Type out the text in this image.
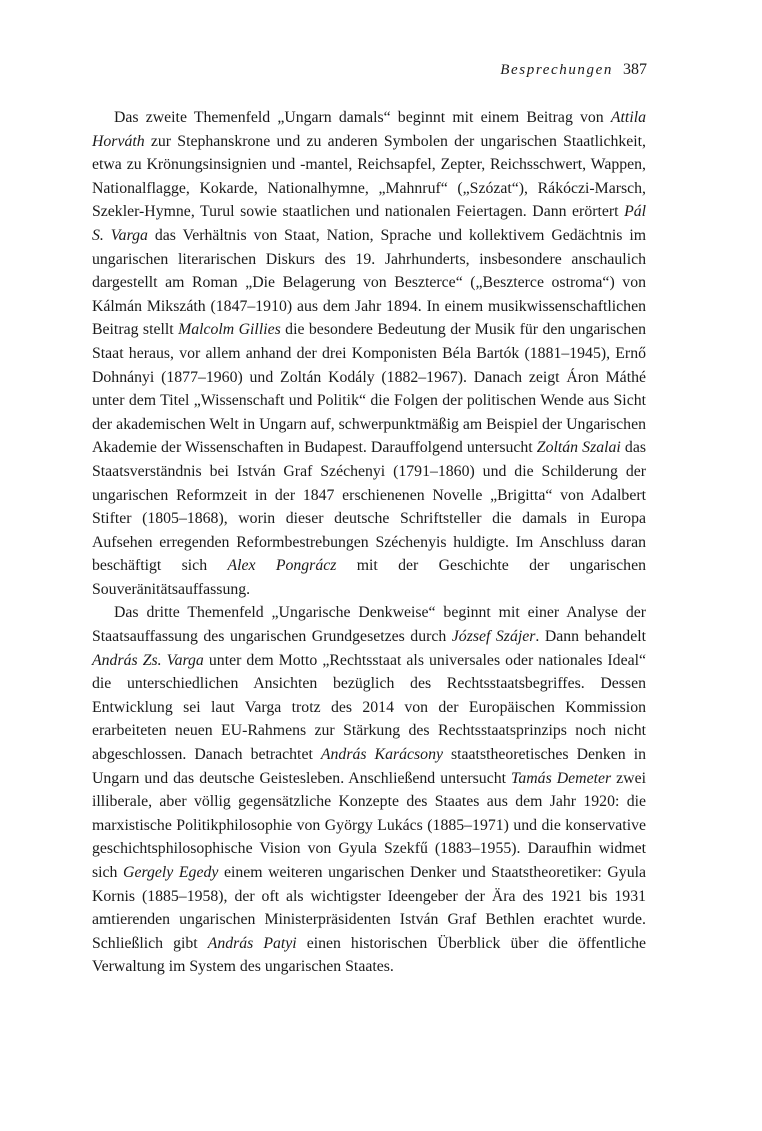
Besprechungen 387

Das zweite Themenfeld „Ungarn damals“ beginnt mit einem Beitrag von Attila Horváth zur Stephanskrone und zu anderen Symbolen der ungarischen Staatlichkeit, etwa zu Krönungsinsignien und -mantel, Reichsapfel, Zepter, Reichsschwert, Wappen, Nationalflagge, Kokarde, Nationalhymne, „Mahnruf“ („Szózat“), Rákóczi-Marsch, Szekler-Hymne, Turul sowie staatlichen und nationalen Feiertagen. Dann erörtert Pál S. Varga das Verhältnis von Staat, Nation, Sprache und kollektivem Gedächtnis im ungarischen literarischen Diskurs des 19. Jahrhunderts, insbesondere anschaulich dargestellt am Roman „Die Belagerung von Beszterce“ („Beszterce ostroma“) von Kálmán Mikszáth (1847–1910) aus dem Jahr 1894. In einem musikwissenschaftlichen Beitrag stellt Malcolm Gillies die besondere Bedeutung der Musik für den ungarischen Staat heraus, vor allem anhand der drei Komponisten Béla Bartók (1881–1945), Ernő Dohnányi (1877–1960) und Zoltán Kodály (1882–1967). Danach zeigt Áron Máthé unter dem Titel „Wissenschaft und Politik“ die Folgen der politischen Wende aus Sicht der akademischen Welt in Ungarn auf, schwerpunktmäßig am Beispiel der Ungarischen Akademie der Wissenschaften in Budapest. Darauffolgend untersucht Zoltán Szalai das Staatsverständnis bei István Graf Széchenyi (1791–1860) und die Schilderung der ungarischen Reformzeit in der 1847 erschienenen Novelle „Brigitta“ von Adalbert Stifter (1805–1868), worin dieser deutsche Schriftsteller die damals in Europa Aufsehen erregenden Reformbestrebungen Széchenyis huldigte. Im Anschluss daran beschäftigt sich Alex Pongrácz mit der Geschichte der ungarischen Souveränitätsauffassung.

Das dritte Themenfeld „Ungarische Denkweise“ beginnt mit einer Analyse der Staatsauffassung des ungarischen Grundgesetzes durch József Szájer. Dann behandelt András Zs. Varga unter dem Motto „Rechtsstaat als universales oder nationales Ideal“ die unterschiedlichen Ansichten bezüglich des Rechtsstaatsbegriffes. Dessen Entwicklung sei laut Varga trotz des 2014 von der Europäischen Kommission erarbeiteten neuen EU-Rahmens zur Stärkung des Rechtsstaatsprinzips noch nicht abgeschlossen. Danach betrachtet András Karácsony staatstheoretisches Denken in Ungarn und das deutsche Geistesleben. Anschließend untersucht Tamás Demeter zwei illiberale, aber völlig gegensätzliche Konzepte des Staates aus dem Jahr 1920: die marxistische Politikphilosophie von György Lukács (1885–1971) und die konservative geschichtsphilosophische Vision von Gyula Szekfű (1883–1955). Daraufhin widmet sich Gergely Egedy einem weiteren ungarischen Denker und Staatstheoretiker: Gyula Kornis (1885–1958), der oft als wichtigster Ideengeber der Ära des 1921 bis 1931 amtierenden ungarischen Ministerpräsidenten István Graf Bethlen erachtet wurde. Schließlich gibt András Patyi einen historischen Überblick über die öffentliche Verwaltung im System des ungarischen Staates.
